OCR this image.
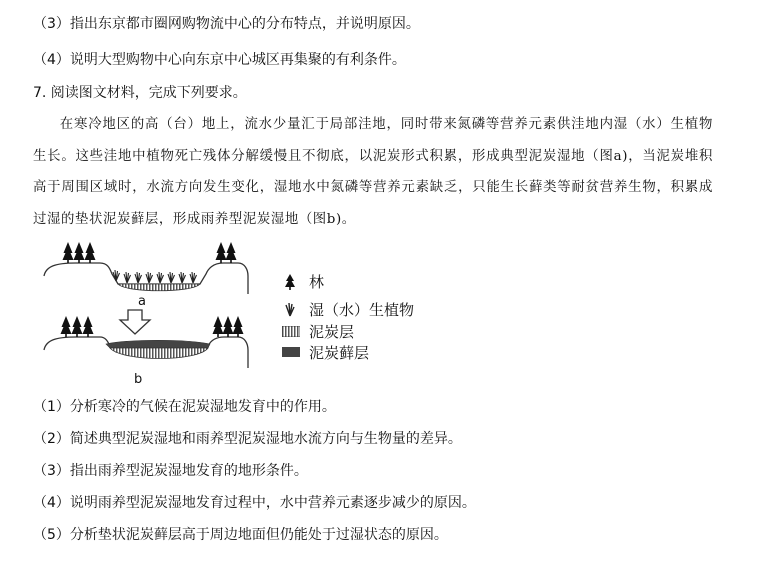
（3）指出东京都市圈网购物流中心的分布特点，并说明原因。
（4）说明大型购物中心向东京中心城区再集聚的有利条件。
7. 阅读图文材料，完成下列要求。
在寒冷地区的高（台）地上，流水少量汇于局部洼地，同时带来氮磷等营养元素供洼地内湿（水）生植物生长。这些洼地中植物死亡残体分解缓慢且不彻底，以泥炭形式积累，形成典型泥炭湿地（图a)，当泥炭堆积高于周围区域时，水流方向发生变化，湿地水中氮磷等营养元素缺乏，只能生长藓类等耐贫营养生物，积累成过湿的垫状泥炭藓层，形成雨养型泥炭湿地（图b)。
a
b
林
湿（水）生植物
泥炭层
泥炭藓层
（1）分析寒冷的气候在泥炭湿地发育中的作用。
（2）简述典型泥炭湿地和雨养型泥炭湿地水流方向与生物量的差异。
（3）指出雨养型泥炭湿地发育的地形条件。
（4）说明雨养型泥炭湿地发育过程中，水中营养元素逐步减少的原因。
（5）分析垫状泥炭藓层高于周边地面但仍能处于过湿状态的原因。
